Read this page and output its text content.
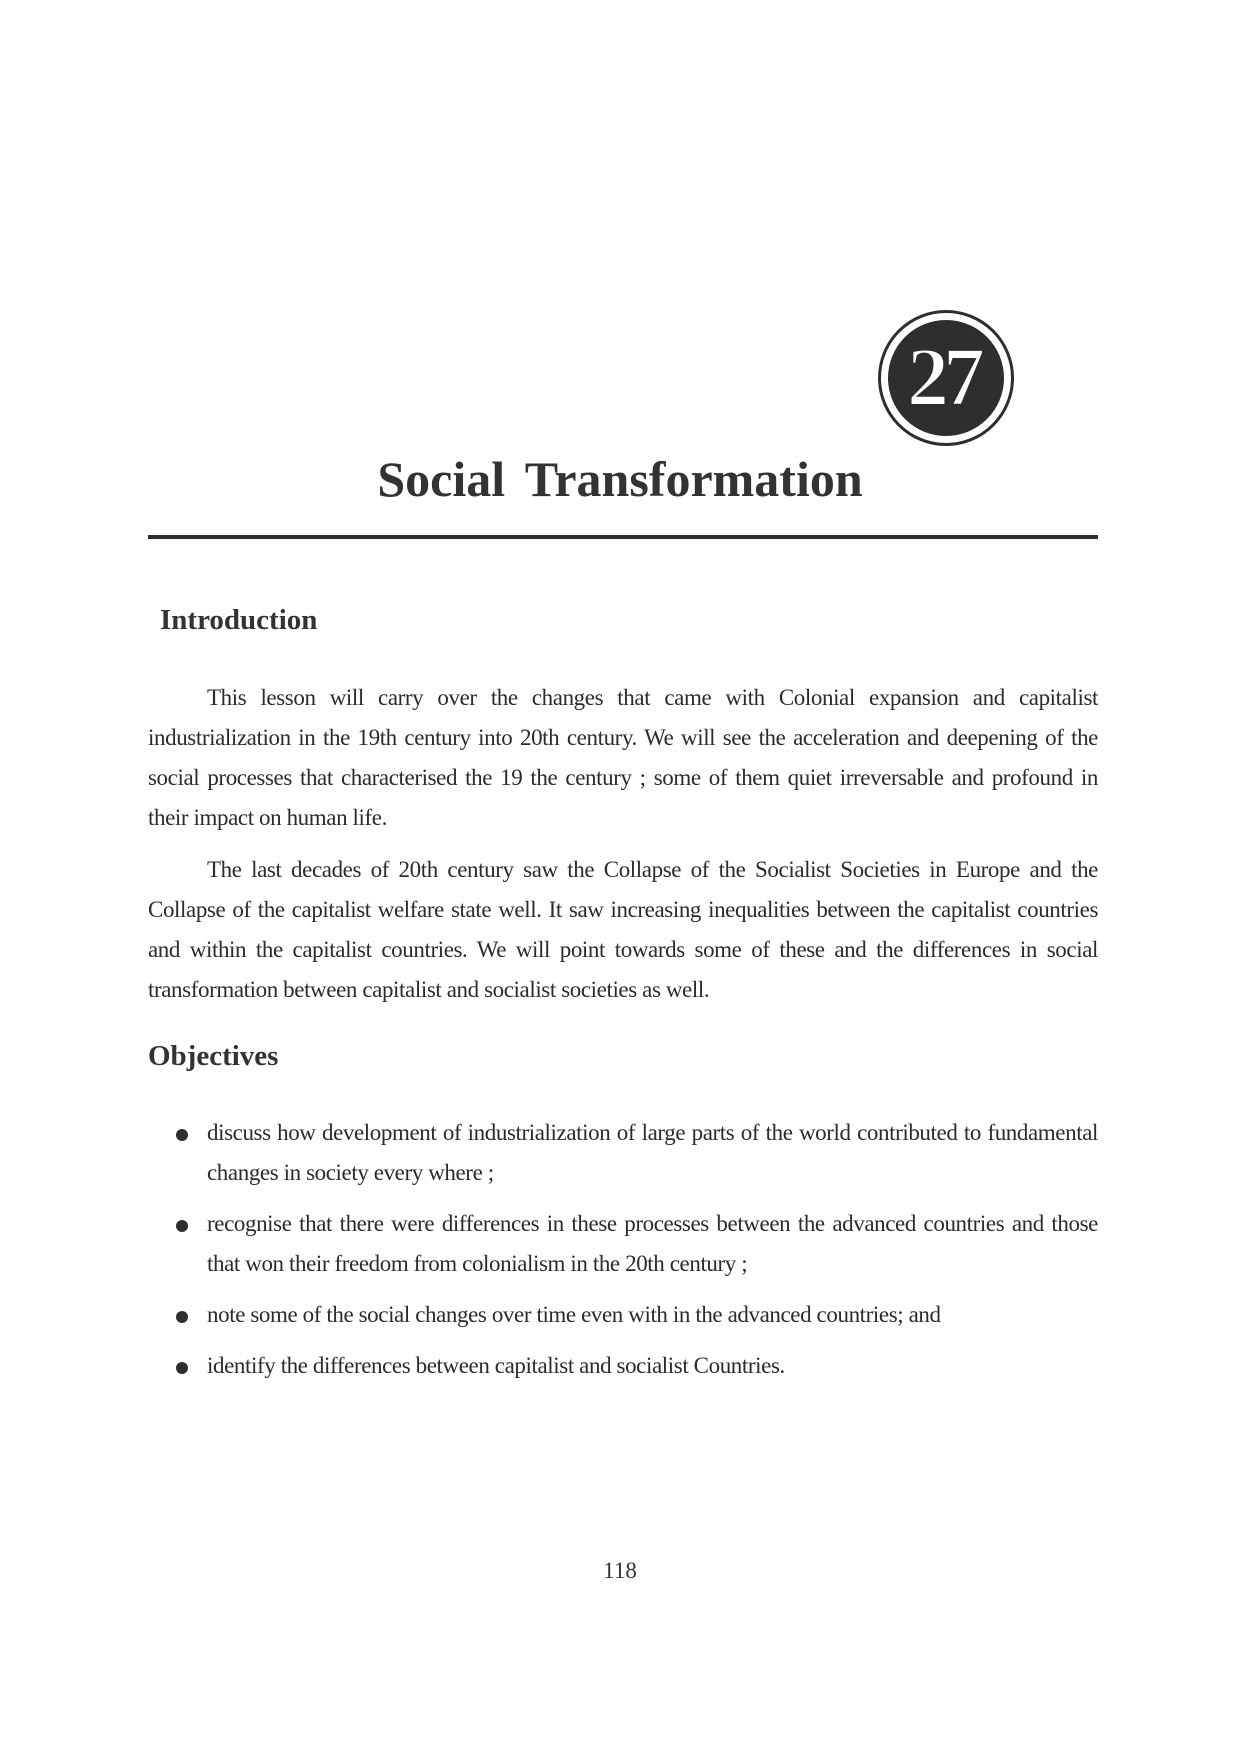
27
Social Transformation
Introduction

This lesson will carry over the changes that came with Colonial expansion and capitalist industrialization in the 19th century into 20th century. We will see the acceleration and deepening of the social processes that characterised the 19 the century ; some of them quiet irreversable and profound in their impact on human life.

The last decades of 20th century saw the Collapse of the Socialist Societies in Europe and the Collapse of the capitalist welfare state well. It saw increasing inequalities between the capitalist countries and within the capitalist countries. We will point towards some of these and the differences in social transformation between capitalist and socialist societies as well.

Objectives
discuss how development of industrialization of large parts of the world contributed to fundamental changes in society every where ;
recognise that there were differences in these processes between the advanced countries and those that won their freedom from colonialism in the 20th century ;
note some of the social changes over time even with in the advanced countries; and
identify the differences between capitalist and socialist Countries.
118
